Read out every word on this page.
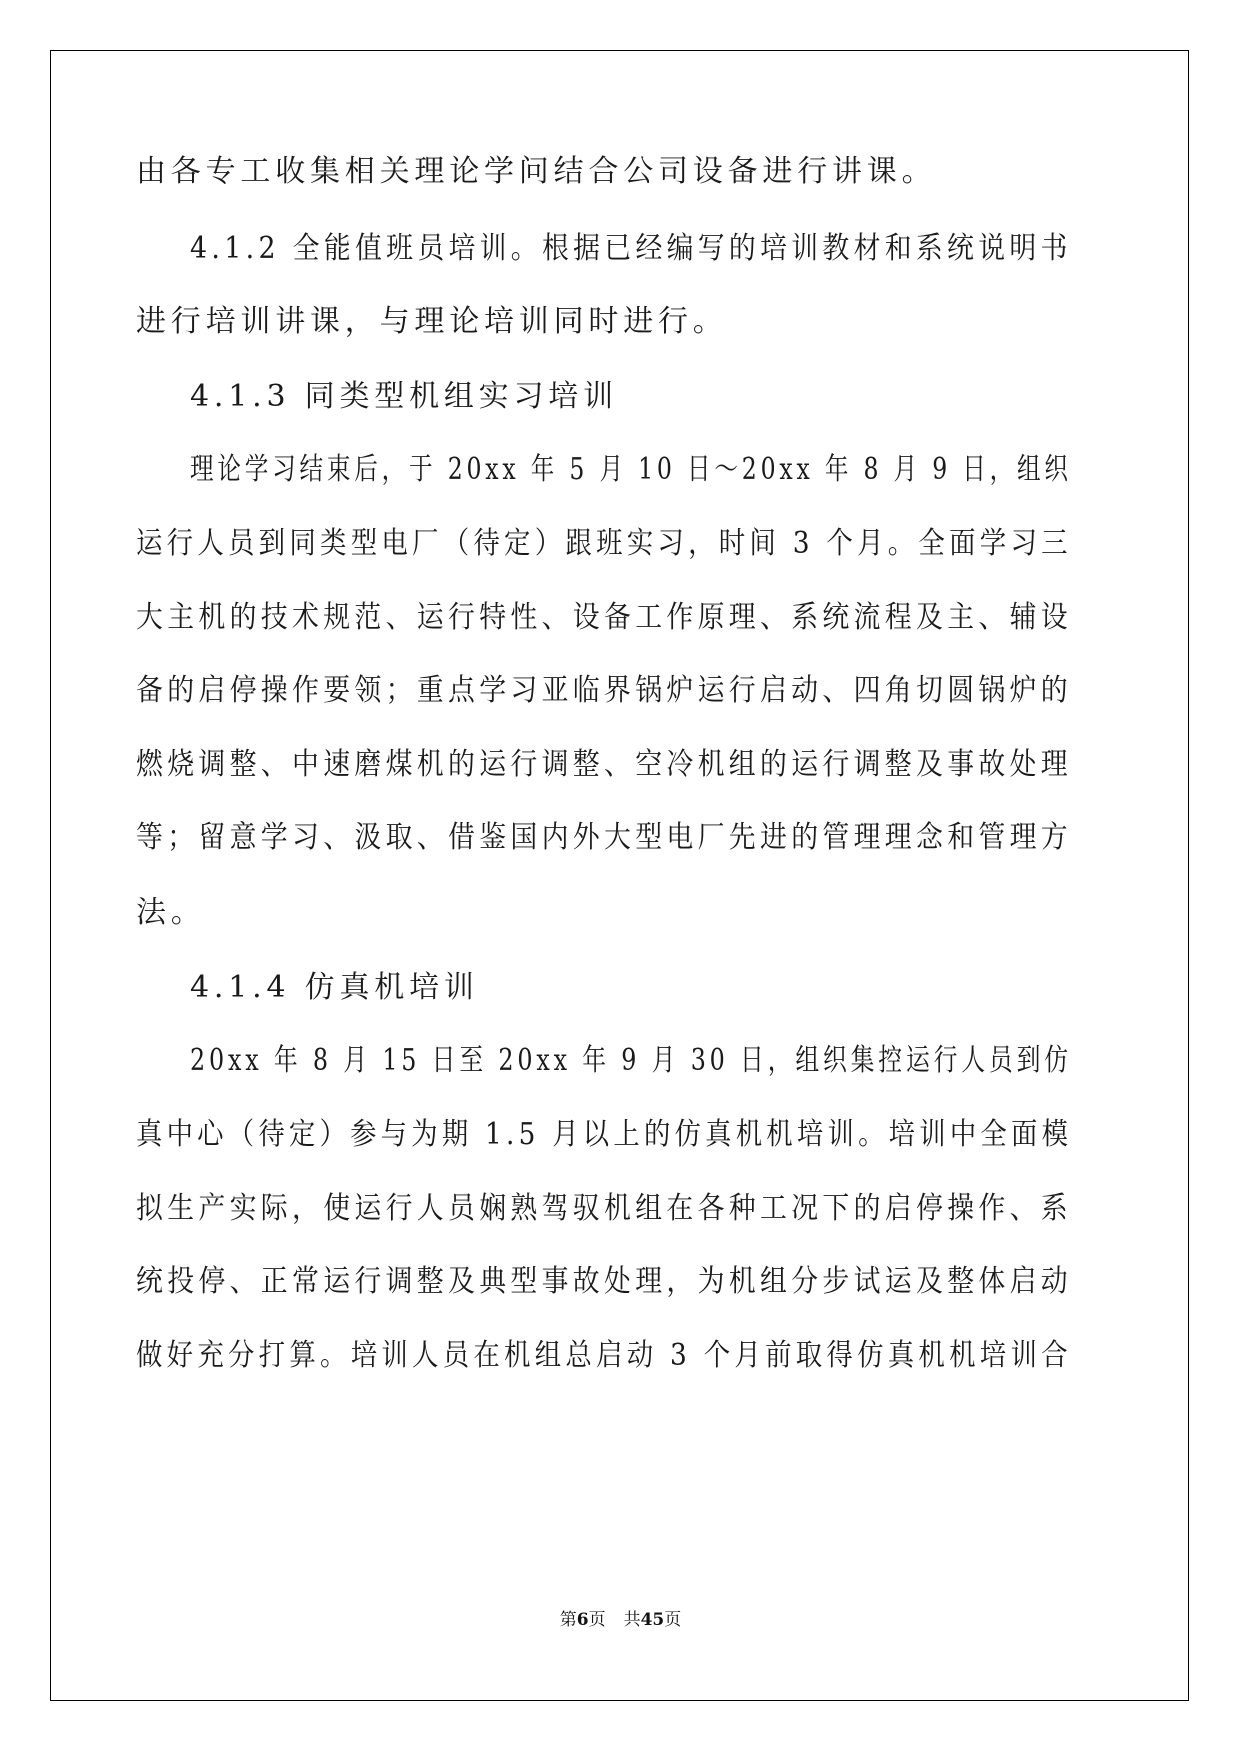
由各专工收集相关理论学问结合公司设备进行讲课。
4.1.2 全能值班员培训。根据已经编写的培训教材和系统说明书
进行培训讲课，与理论培训同时进行。
4.1.3 同类型机组实习培训
理论学习结束后，于 20xx 年 5 月 10 日～20xx 年 8 月 9 日，组织
运行人员到同类型电厂（待定）跟班实习，时间 3 个月。全面学习三
大主机的技术规范、运行特性、设备工作原理、系统流程及主、辅设
备的启停操作要领；重点学习亚临界锅炉运行启动、四角切圆锅炉的
燃烧调整、中速磨煤机的运行调整、空冷机组的运行调整及事故处理
等；留意学习、汲取、借鉴国内外大型电厂先进的管理理念和管理方
法。
4.1.4 仿真机培训
20xx 年 8 月 15 日至 20xx 年 9 月 30 日，组织集控运行人员到仿
真中心（待定）参与为期 1.5 月以上的仿真机机培训。培训中全面模
拟生产实际，使运行人员娴熟驾驭机组在各种工况下的启停操作、系
统投停、正常运行调整及典型事故处理，为机组分步试运及整体启动
做好充分打算。培训人员在机组总启动 3 个月前取得仿真机机培训合
第6页 共45页
